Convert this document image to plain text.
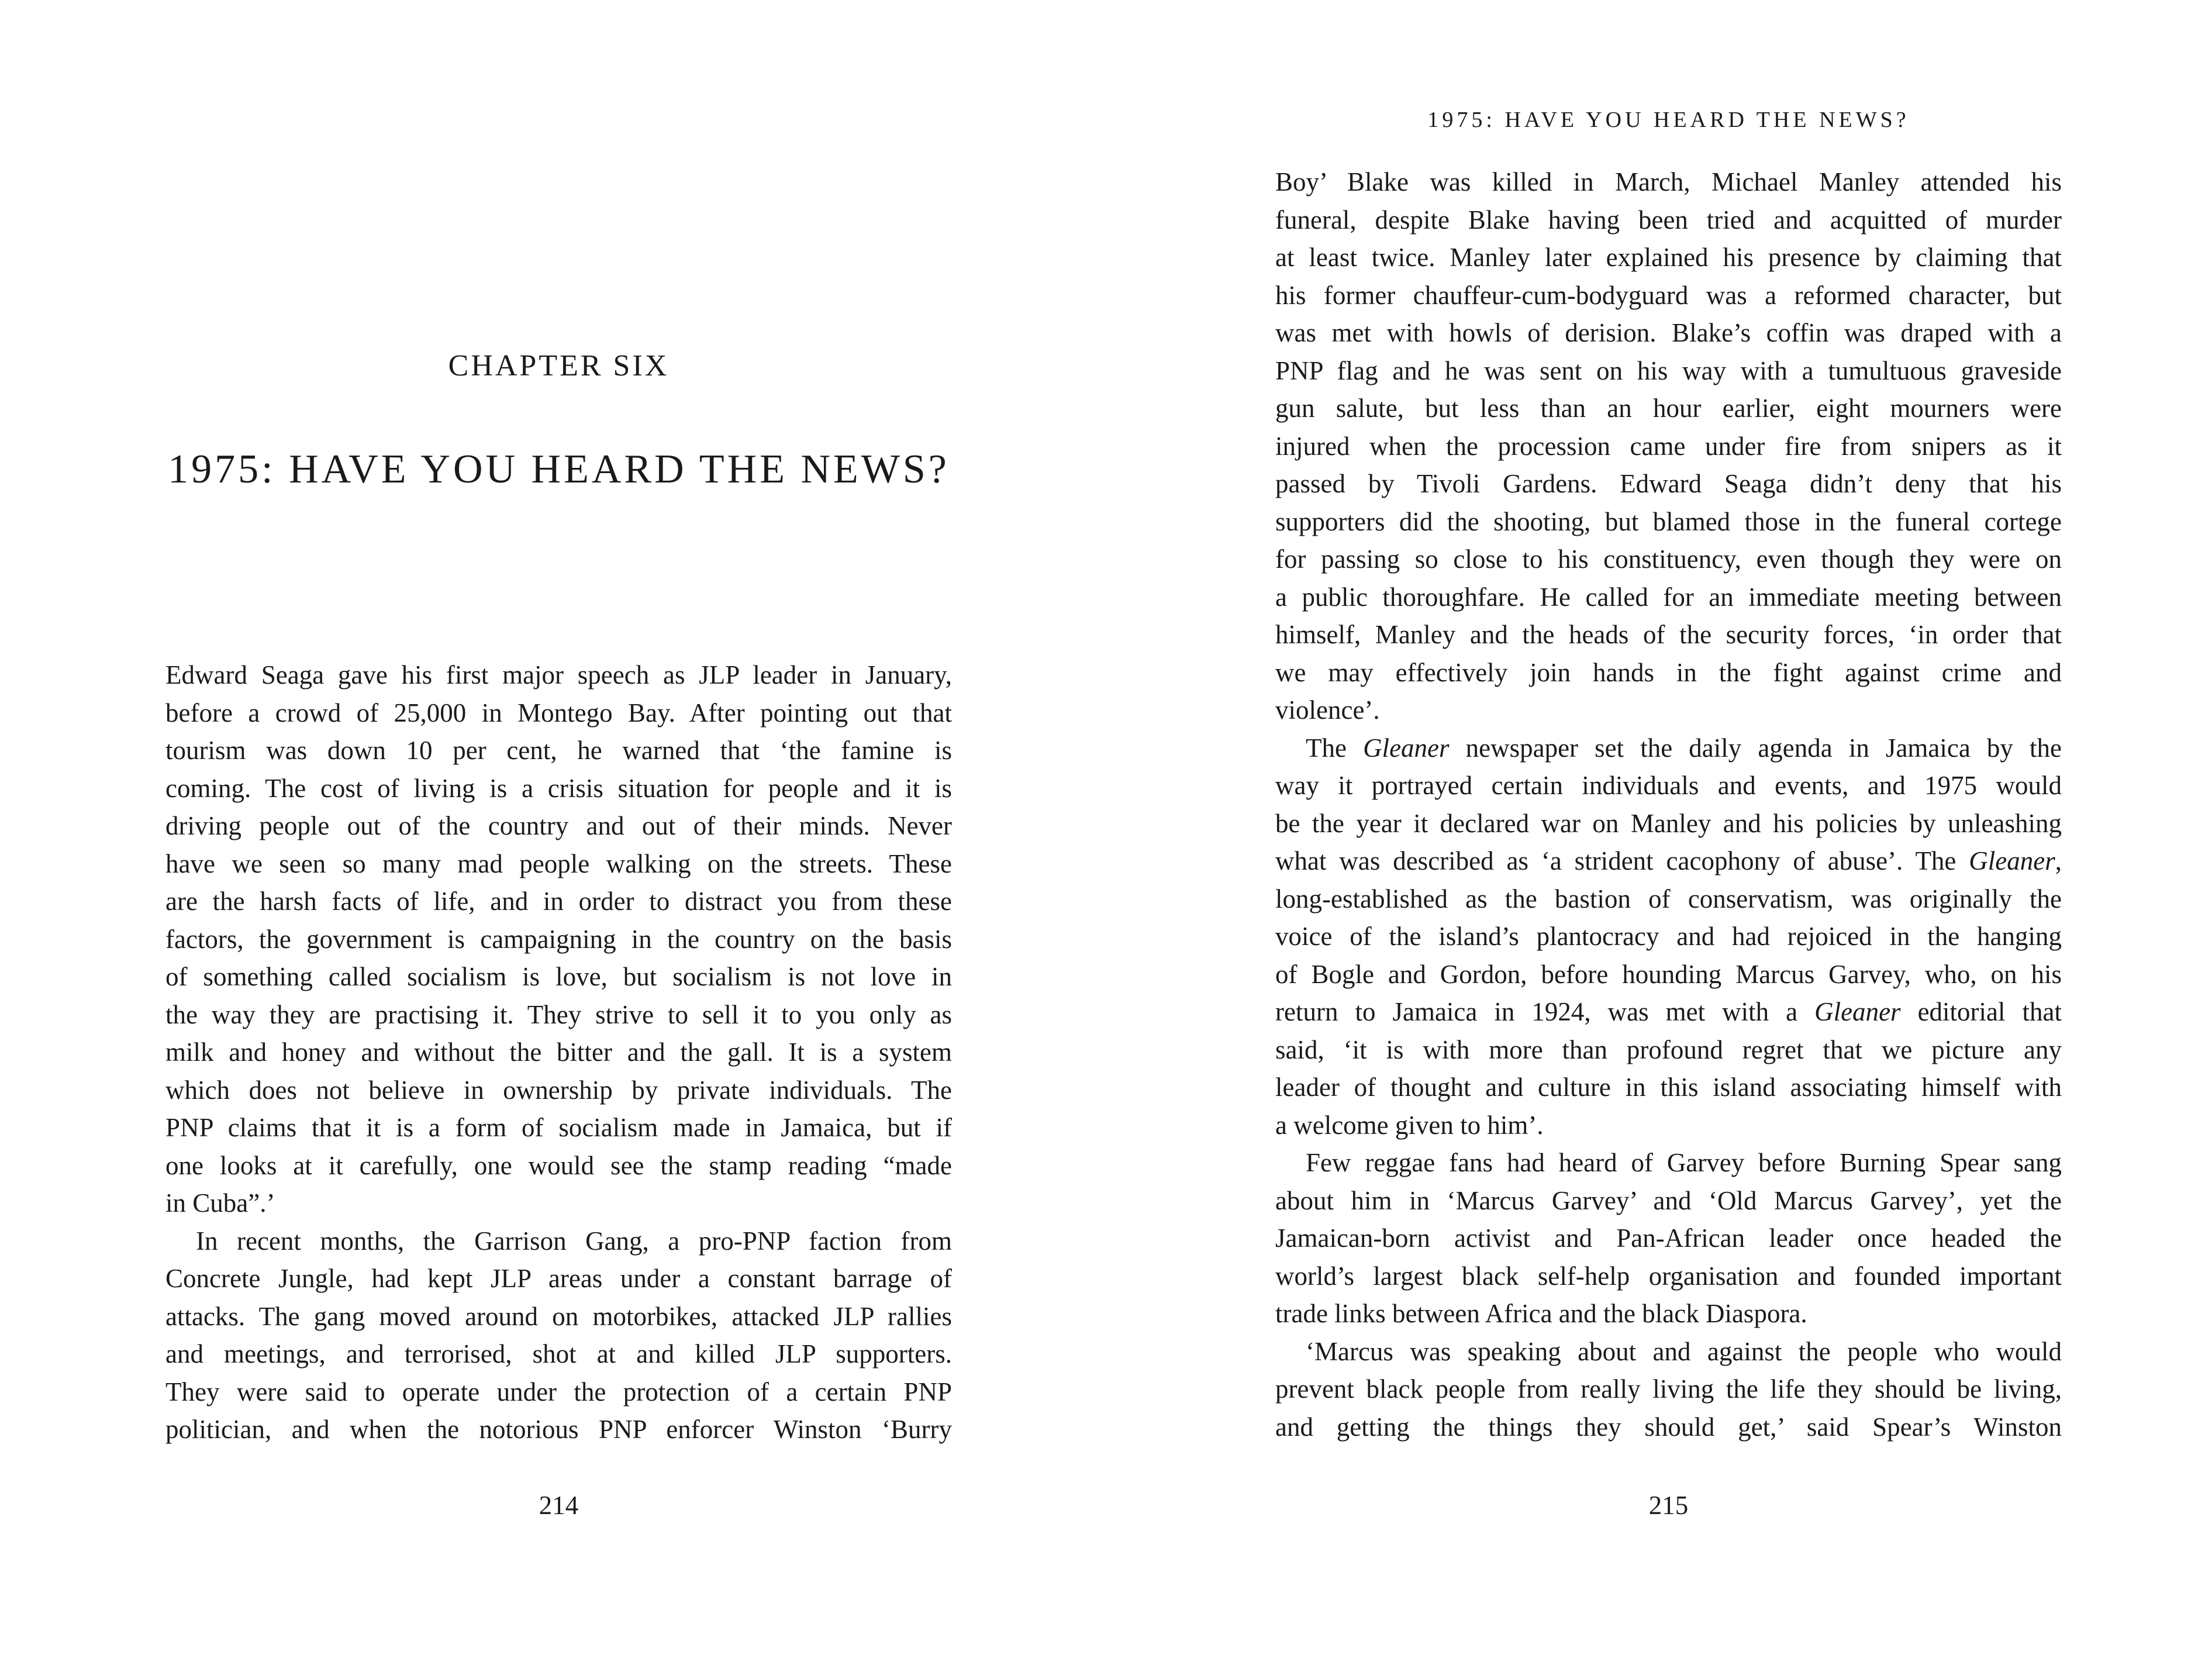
CHAPTER SIX
1975: HAVE YOU HEARD THE NEWS?
Edward Seaga gave his first major speech as JLP leader in January,
before a crowd of 25,000 in Montego Bay. After pointing out that
tourism was down 10 per cent, he warned that ‘the famine is
coming. The cost of living is a crisis situation for people and it is
driving people out of the country and out of their minds. Never
have we seen so many mad people walking on the streets. These
are the harsh facts of life, and in order to distract you from these
factors, the government is campaigning in the country on the basis
of something called socialism is love, but socialism is not love in
the way they are practising it. They strive to sell it to you only as
milk and honey and without the bitter and the gall. It is a system
which does not believe in ownership by private individuals. The
PNP claims that it is a form of socialism made in Jamaica, but if
one looks at it carefully, one would see the stamp reading “made
in Cuba”.’
In recent months, the Garrison Gang, a pro-PNP faction from
Concrete Jungle, had kept JLP areas under a constant barrage of
attacks. The gang moved around on motorbikes, attacked JLP rallies
and meetings, and terrorised, shot at and killed JLP supporters.
They were said to operate under the protection of a certain PNP
politician, and when the notorious PNP enforcer Winston ‘Burry
214
1975: HAVE YOU HEARD THE NEWS?
Boy’ Blake was killed in March, Michael Manley attended his
funeral, despite Blake having been tried and acquitted of murder
at least twice. Manley later explained his presence by claiming that
his former chauffeur-cum-bodyguard was a reformed character, but
was met with howls of derision. Blake’s coffin was draped with a
PNP flag and he was sent on his way with a tumultuous graveside
gun salute, but less than an hour earlier, eight mourners were
injured when the procession came under fire from snipers as it
passed by Tivoli Gardens. Edward Seaga didn’t deny that his
supporters did the shooting, but blamed those in the funeral cortege
for passing so close to his constituency, even though they were on
a public thoroughfare. He called for an immediate meeting between
himself, Manley and the heads of the security forces, ‘in order that
we may effectively join hands in the fight against crime and
violence’.
The Gleaner newspaper set the daily agenda in Jamaica by the
way it portrayed certain individuals and events, and 1975 would
be the year it declared war on Manley and his policies by unleashing
what was described as ‘a strident cacophony of abuse’. The Gleaner,
long-established as the bastion of conservatism, was originally the
voice of the island’s plantocracy and had rejoiced in the hanging
of Bogle and Gordon, before hounding Marcus Garvey, who, on his
return to Jamaica in 1924, was met with a Gleaner editorial that
said, ‘it is with more than profound regret that we picture any
leader of thought and culture in this island associating himself with
a welcome given to him’.
Few reggae fans had heard of Garvey before Burning Spear sang
about him in ‘Marcus Garvey’ and ‘Old Marcus Garvey’, yet the
Jamaican-born activist and Pan-African leader once headed the
world’s largest black self-help organisation and founded important
trade links between Africa and the black Diaspora.
‘Marcus was speaking about and against the people who would
prevent black people from really living the life they should be living,
and getting the things they should get,’ said Spear’s Winston
215
